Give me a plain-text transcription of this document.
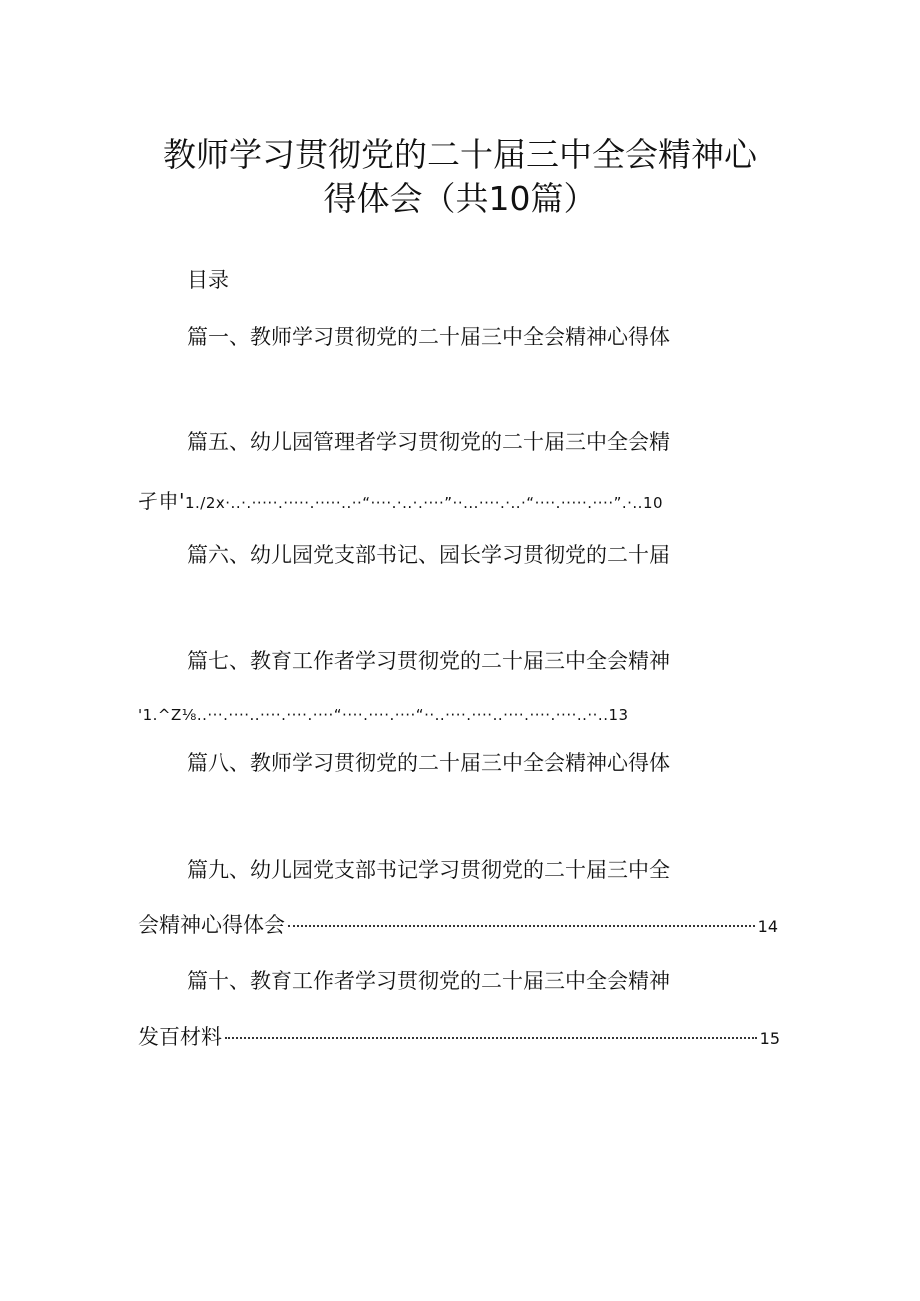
教师学习贯彻党的二十届三中全会精神心
得体会（共10篇）
目录
篇一、教师学习贯彻党的二十届三中全会精神心得体
篇五、幼儿园管理者学习贯彻党的二十届三中全会精
孑申'1./2x·..·.·····.·····.·····..··“····.·..·.····”··...····.·..·“····.·····.····”.·..10
篇六、幼儿园党支部书记、园长学习贯彻党的二十届
篇七、教育工作者学习贯彻党的二十届三中全会精神
'1.^Z⅛..···.····..····.····.····“····.····.····“··..····.····..····.····.····..··..13
篇八、教师学习贯彻党的二十届三中全会精神心得体
篇九、幼儿园党支部书记学习贯彻党的二十届三中全
会精神心得体会	14
篇十、教育工作者学习贯彻党的二十届三中全会精神
发百材料	15
